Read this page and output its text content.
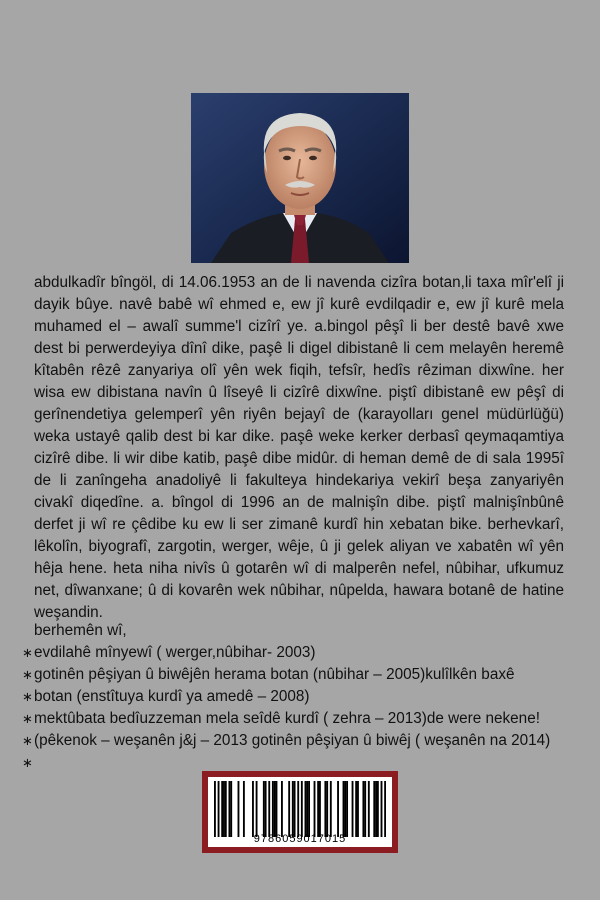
abdulkadîr bîngöl, di 14.06.1953 an de li navenda cizîra botan,li taxa mîr'elî ji dayik bûye. navê babê wî ehmed e, ew jî kurê evdilqadir e, ew jî kurê mela muhamed el – awalî summe'l cizîrî ye. a.bingol pêşî li ber destê bavê xwe dest bi perwerdeyiya dînî dike, paşê li digel dibistanê li cem melayên heremê kîtabên rêzê zanyariya olî yên wek fiqih, tefsîr, hedîs rêziman dixwîne. her wisa ew dibistana navîn û lîseyê li cizîrê dixwîne. piştî dibistanê ew pêşî di gerînendetiya gelemperî yên riyên bejayî de (karayolları genel müdürlüğü) weka ustayê qalib dest bi kar dike. paşê weke kerker derbasî qeymaqamtiya cizîrê dibe. li wir dibe katib, paşê dibe midûr. di heman demê de di sala 1995î de li zanîngeha anadoliyê li fakulteya hindekariya vekirî beşa zanyariyên civakî diqedîne. a. bîngol di 1996 an de malnişîn dibe. piştî malnişînbûnê derfet ji wî re çêdibe ku ew li ser zimanê kurdî hin xebatan bike. berhevkarî, lêkolîn, biyografî, zargotin, werger, wêje, û ji gelek aliyan ve xabatên wî yên hêja hene. heta niha nivîs û gotarên wî di malperên nefel, nûbihar, ufkumuz net, dîwanxane; û di kovarên wek nûbihar, nûpelda, hawara botanê de hatine weşandin.

berhemên wî,

∗ evdilahê mînyewî ( werger,nûbihar- 2003)
∗ gotinên pêşiyan û biwêjên herama botan (nûbihar – 2005)kulîlkên baxê
∗ botan (enstîtuya kurdî ya amedê – 2008)
∗ mektûbata bedîuzzeman mela seîdê kurdî ( zehra – 2013)de were nekene!
∗ (pêkenok – weşanên j&j – 2013 gotinên pêşiyan û biwêj ( weşanên na 2014)
∗
9786059017015
